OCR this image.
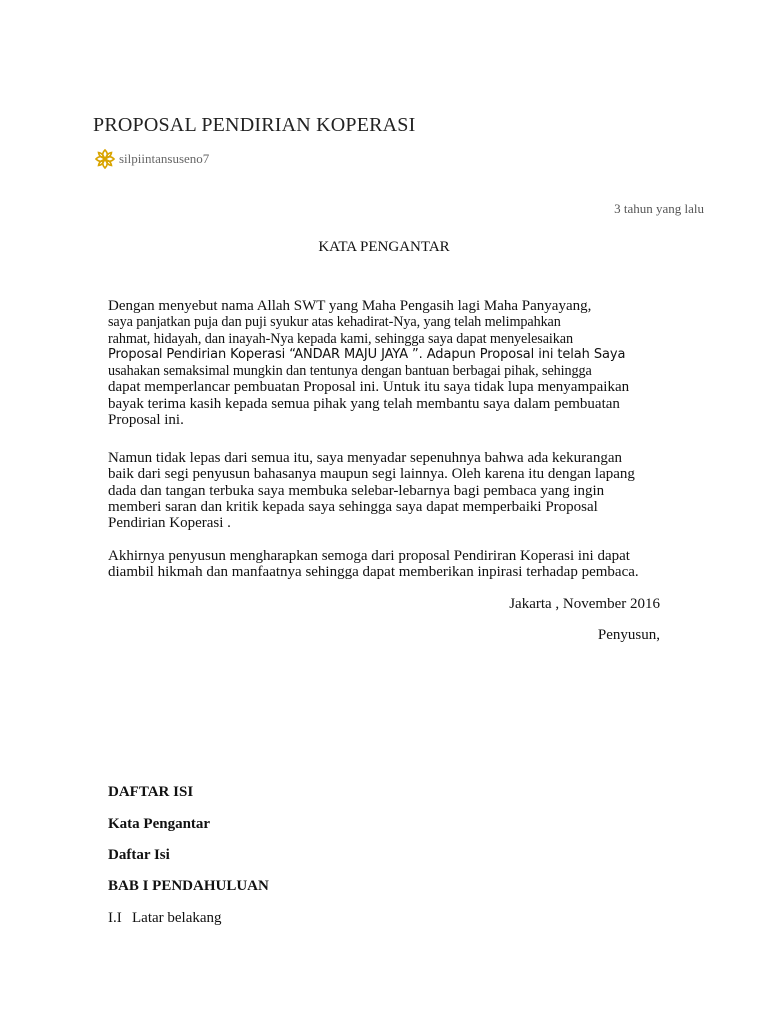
PROPOSAL PENDIRIAN KOPERASI
silpiintansuseno7
3 tahun yang lalu
KATA PENGANTAR

Dengan menyebut nama Allah SWT yang Maha Pengasih lagi Maha Panyayang,

saya panjatkan puja dan puji syukur atas kehadirat-Nya, yang telah melimpahkan

rahmat, hidayah, dan inayah-Nya kepada kami, sehingga saya dapat menyelesaikan

Proposal Pendirian Koperasi “ANDAR MAJU JAYA ”. Adapun Proposal ini telah Saya

usahakan semaksimal mungkin dan tentunya dengan bantuan berbagai pihak, sehingga

dapat memperlancar pembuatan Proposal ini. Untuk itu saya tidak lupa menyampaikan

bayak terima kasih kepada semua pihak yang telah membantu saya dalam pembuatan

Proposal ini.

Namun tidak lepas dari semua itu, saya menyadar sepenuhnya bahwa ada kekurangan

baik dari segi penyusun bahasanya maupun segi lainnya. Oleh karena itu dengan lapang

dada dan tangan terbuka saya membuka selebar-lebarnya bagi pembaca yang ingin

memberi saran dan kritik kepada saya sehingga saya dapat memperbaiki Proposal

Pendirian Koperasi .

Akhirnya penyusun mengharapkan semoga dari proposal Pendiriran Koperasi ini dapat

diambil hikmah dan manfaatnya sehingga dapat memberikan inpirasi terhadap pembaca.

Jakarta , November 2016
Penyusun,
DAFTAR ISI
Kata Pengantar
Daftar Isi
BAB I PENDAHULUAN
I.I Latar belakang
